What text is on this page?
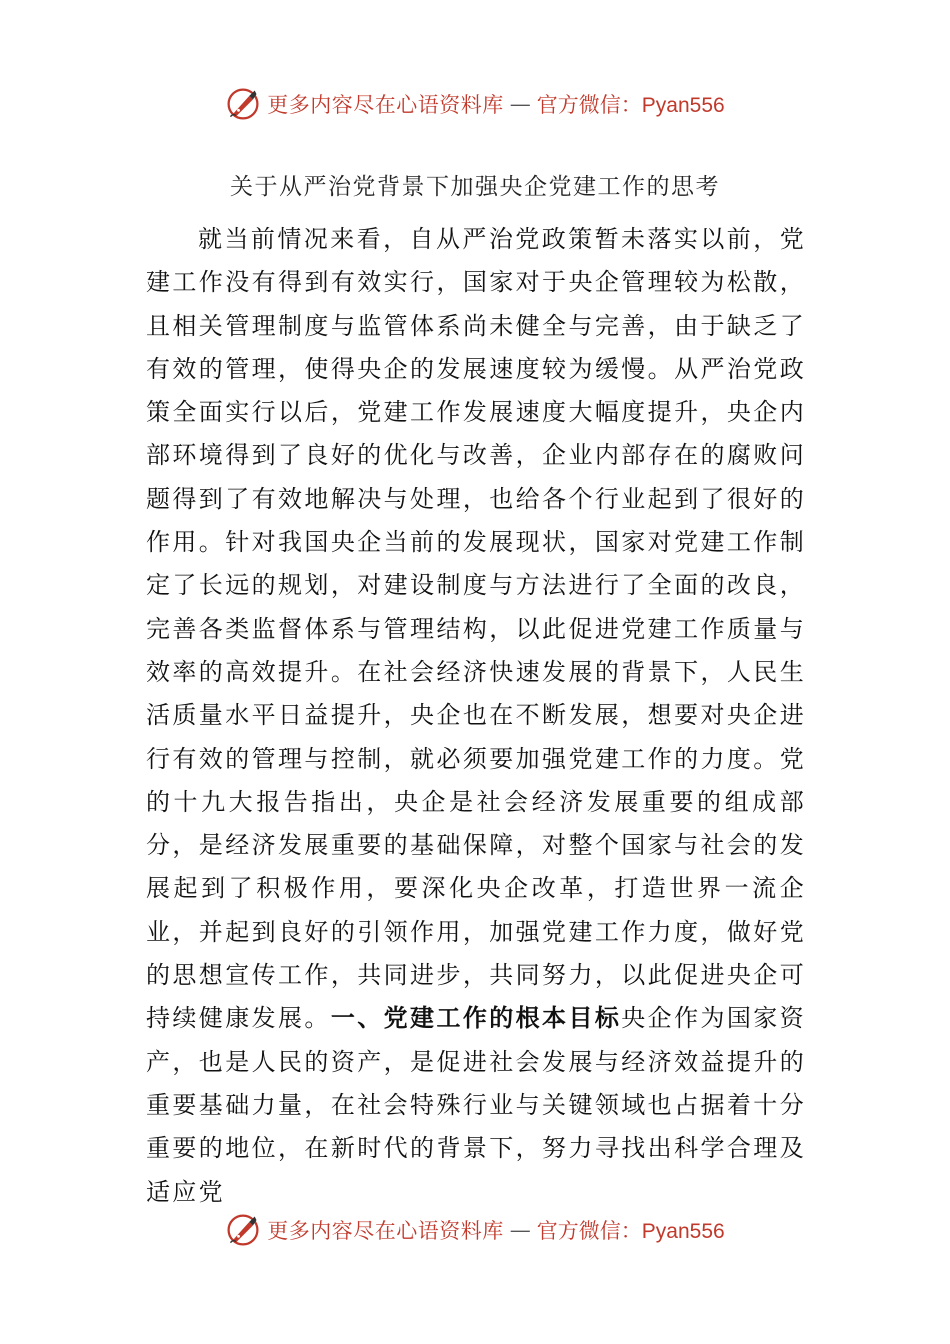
更多内容尽在心语资料库 — 官方微信：Pyan556
关于从严治党背景下加强央企党建工作的思考

就当前情况来看，自从严治党政策暂未落实以前，党建工作没有得到有效实行，国家对于央企管理较为松散，且相关管理制度与监管体系尚未健全与完善，由于缺乏了有效的管理，使得央企的发展速度较为缓慢。从严治党政策全面实行以后，党建工作发展速度大幅度提升，央企内部环境得到了良好的优化与改善，企业内部存在的腐败问题得到了有效地解决与处理，也给各个行业起到了很好的作用。针对我国央企当前的发展现状，国家对党建工作制定了长远的规划，对建设制度与方法进行了全面的改良，完善各类监督体系与管理结构，以此促进党建工作质量与效率的高效提升。在社会经济快速发展的背景下，人民生活质量水平日益提升，央企也在不断发展，想要对央企进行有效的管理与控制，就必须要加强党建工作的力度。党的十九大报告指出，央企是社会经济发展重要的组成部分，是经济发展重要的基础保障，对整个国家与社会的发展起到了积极作用，要深化央企改革，打造世界一流企业，并起到良好的引领作用，加强党建工作力度，做好党的思想宣传工作，共同进步，共同努力，以此促进央企可持续健康发展。一、党建工作的根本目标央企作为国家资产，也是人民的资产，是促进社会发展与经济效益提升的重要基础力量，在社会特殊行业与关键领域也占据着十分重要的地位，在新时代的背景下，努力寻找出科学合理及适应党

更多内容尽在心语资料库 — 官方微信：Pyan556
